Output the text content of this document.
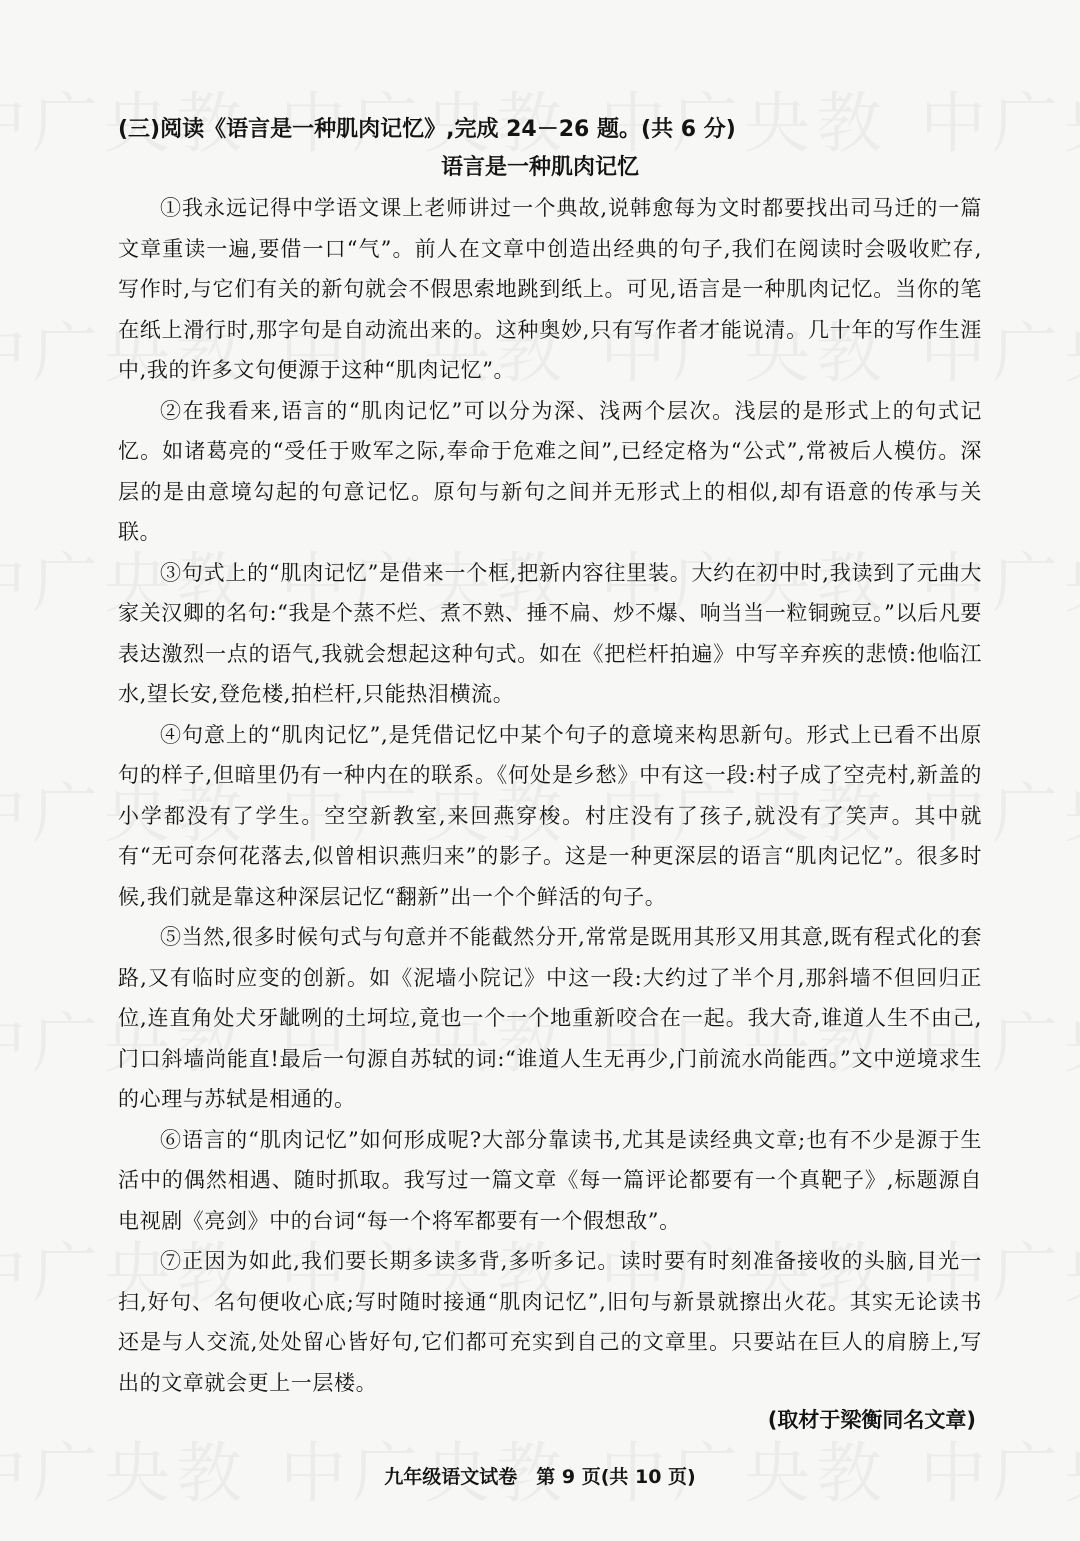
(三)阅读《语言是一种肌肉记忆》,完成 24－26 题。(共 6 分)
语言是一种肌肉记忆

①我永远记得中学语文课上老师讲过一个典故,说韩愈每为文时都要找出司马迁的一篇文章重读一遍,要借一口“气”。前人在文章中创造出经典的句子,我们在阅读时会吸收贮存,写作时,与它们有关的新句就会不假思索地跳到纸上。可见,语言是一种肌肉记忆。当你的笔在纸上滑行时,那字句是自动流出来的。这种奥妙,只有写作者才能说清。几十年的写作生涯中,我的许多文句便源于这种“肌肉记忆”。

②在我看来,语言的“肌肉记忆”可以分为深、浅两个层次。浅层的是形式上的句式记忆。如诸葛亮的“受任于败军之际,奉命于危难之间”,已经定格为“公式”,常被后人模仿。深层的是由意境勾起的句意记忆。原句与新句之间并无形式上的相似,却有语意的传承与关联。

③句式上的“肌肉记忆”是借来一个框,把新内容往里装。大约在初中时,我读到了元曲大家关汉卿的名句:“我是个蒸不烂、煮不熟、捶不扁、炒不爆、响当当一粒铜豌豆。”以后凡要表达激烈一点的语气,我就会想起这种句式。如在《把栏杆拍遍》中写辛弃疾的悲愤:他临江水,望长安,登危楼,拍栏杆,只能热泪横流。

④句意上的“肌肉记忆”,是凭借记忆中某个句子的意境来构思新句。形式上已看不出原句的样子,但暗里仍有一种内在的联系。《何处是乡愁》中有这一段:村子成了空壳村,新盖的小学都没有了学生。空空新教室,来回燕穿梭。村庄没有了孩子,就没有了笑声。其中就有“无可奈何花落去,似曾相识燕归来”的影子。这是一种更深层的语言“肌肉记忆”。很多时候,我们就是靠这种深层记忆“翻新”出一个个鲜活的句子。

⑤当然,很多时候句式与句意并不能截然分开,常常是既用其形又用其意,既有程式化的套路,又有临时应变的创新。如《泥墙小院记》中这一段:大约过了半个月,那斜墙不但回归正位,连直角处犬牙龇咧的土坷垃,竟也一个一个地重新咬合在一起。我大奇,谁道人生不由己,门口斜墙尚能直!最后一句源自苏轼的词:“谁道人生无再少,门前流水尚能西。”文中逆境求生的心理与苏轼是相通的。

⑥语言的“肌肉记忆”如何形成呢?大部分靠读书,尤其是读经典文章;也有不少是源于生活中的偶然相遇、随时抓取。我写过一篇文章《每一篇评论都要有一个真靶子》,标题源自电视剧《亮剑》中的台词“每一个将军都要有一个假想敌”。

⑦正因为如此,我们要长期多读多背,多听多记。读时要有时刻准备接收的头脑,目光一扫,好句、名句便收心底;写时随时接通“肌肉记忆”,旧句与新景就擦出火花。其实无论读书还是与人交流,处处留心皆好句,它们都可充实到自己的文章里。只要站在巨人的肩膀上,写出的文章就会更上一层楼。

(取材于梁衡同名文章)
九年级语文试卷　第 9 页(共 10 页)
